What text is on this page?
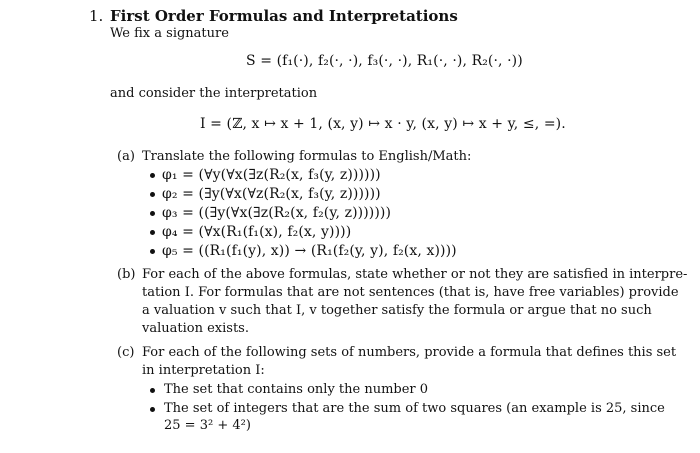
1. First Order Formulas and Interpretations
We fix a signature
S = (f₁(·), f₂(·, ·), f₃(·, ·), R₁(·, ·), R₂(·, ·))
and consider the interpretation
I = (ℤ, x ↦ x + 1, (x, y) ↦ x · y, (x, y) ↦ x + y, ≤, =).
(a) Translate the following formulas to English/Math:
φ₁ = (∀y(∀x(∃z(R₂(x, f₃(y, z))))))
φ₂ = (∃y(∀x(∀z(R₂(x, f₃(y, z))))))
φ₃ = ((∃y(∀x(∃z(R₂(x, f₂(y, z)))))))
φ₄ = (∀x(R₁(f₁(x), f₂(x, y))))
φ₅ = ((R₁(f₁(y), x)) → (R₁(f₂(y, y), f₂(x, x))))
(b) For each of the above formulas, state whether or not they are satisfied in interpre-
tation I. For formulas that are not sentences (that is, have free variables) provide
a valuation v such that I, v together satisfy the formula or argue that no such
valuation exists.
(c) For each of the following sets of numbers, provide a formula that defines this set
in interpretation I:
The set that contains only the number 0
The set of integers that are the sum of two squares (an example is 25, since
25 = 3² + 4²)
